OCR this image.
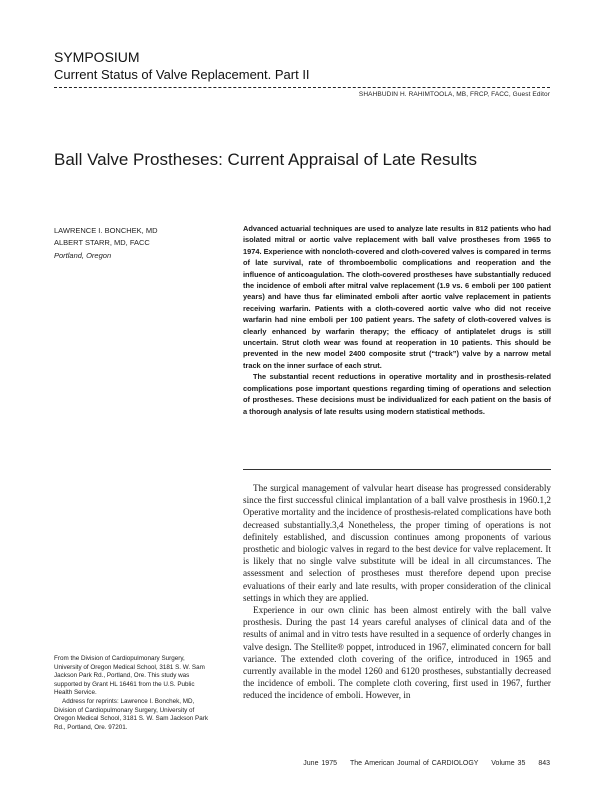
SYMPOSIUM
Current Status of Valve Replacement. Part II
SHAHBUDIN H. RAHIMTOOLA, MB, FRCP, FACC, Guest Editor
Ball Valve Prostheses: Current Appraisal of Late Results
LAWRENCE I. BONCHEK, MD
ALBERT STARR, MD, FACC
Portland, Oregon

Advanced actuarial techniques are used to analyze late results in 812 patients who had isolated mitral or aortic valve replacement with ball valve prostheses from 1965 to 1974. Experience with noncloth-covered and cloth-covered valves is compared in terms of late survival, rate of thromboembolic complications and reoperation and the influence of anticoagulation. The cloth-covered prostheses have substantially reduced the incidence of emboli after mitral valve replacement (1.9 vs. 6 emboli per 100 patient years) and have thus far eliminated emboli after aortic valve replacement in patients receiving warfarin. Patients with a cloth-covered aortic valve who did not receive warfarin had nine emboli per 100 patient years. The safety of cloth-covered valves is clearly enhanced by warfarin therapy; the efficacy of antiplatelet drugs is still uncertain. Strut cloth wear was found at reoperation in 10 patients. This should be prevented in the new model 2400 composite strut (“track”) valve by a narrow metal track on the inner surface of each strut.

The substantial recent reductions in operative mortality and in prosthesis-related complications pose important questions regarding timing of operations and selection of prostheses. These decisions must be individualized for each patient on the basis of a thorough analysis of late results using modern statistical methods.

The surgical management of valvular heart disease has progressed considerably since the first successful clinical implantation of a ball valve prosthesis in 1960.1,2 Operative mortality and the incidence of prosthesis-related complications have both decreased substantially.3,4 Nonetheless, the proper timing of operations is not definitely established, and discussion continues among proponents of various prosthetic and biologic valves in regard to the best device for valve replacement. It is likely that no single valve substitute will be ideal in all circumstances. The assessment and selection of prostheses must therefore depend upon precise evaluations of their early and late results, with proper consideration of the clinical settings in which they are applied.

Experience in our own clinic has been almost entirely with the ball valve prosthesis. During the past 14 years careful analyses of clinical data and of the results of animal and in vitro tests have resulted in a sequence of orderly changes in valve design. The Stellite® poppet, introduced in 1967, eliminated concern for ball variance. The extended cloth covering of the orifice, introduced in 1965 and currently available in the model 1260 and 6120 prostheses, substantially decreased the incidence of emboli. The complete cloth covering, first used in 1967, further reduced the incidence of emboli. However, in

From the Division of Cardiopulmonary Surgery, University of Oregon Medical School, 3181 S. W. Sam Jackson Park Rd., Portland, Ore. This study was supported by Grant HL 16461 from the U.S. Public Health Service.

Address for reprints: Lawrence I. Bonchek, MD, Division of Cardiopulmonary Surgery, University of Oregon Medical School, 3181 S. W. Sam Jackson Park Rd., Portland, Ore. 97201.

June 1975 The American Journal of CARDIOLOGY Volume 35 843
